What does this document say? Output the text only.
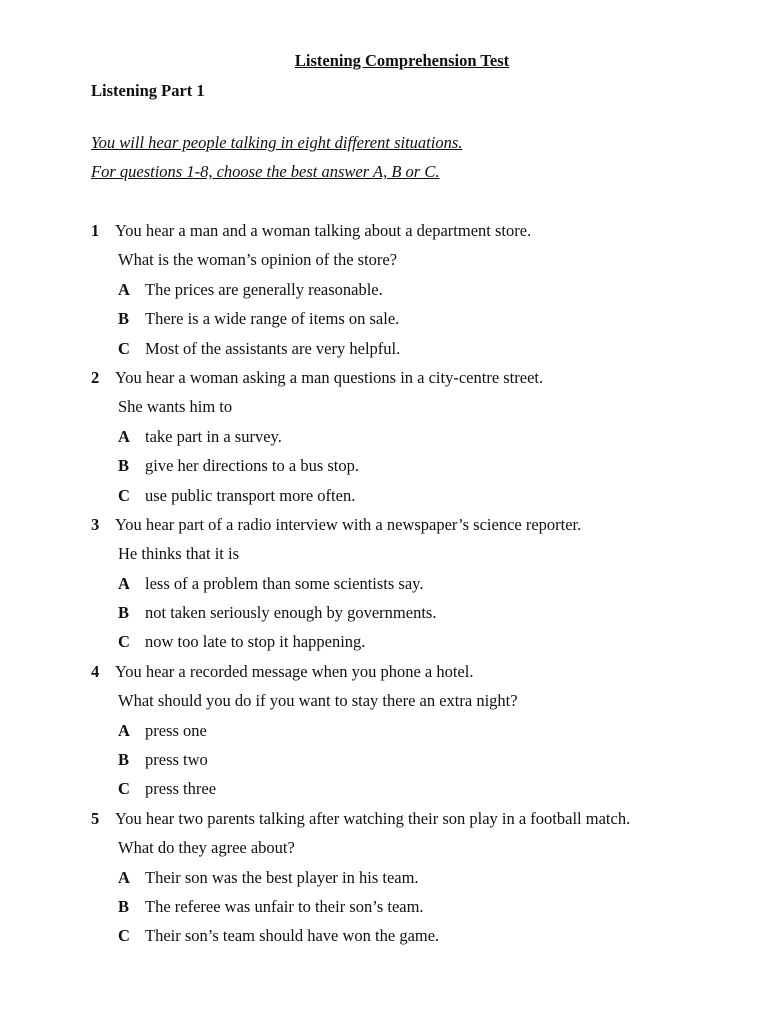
Listening Comprehension Test
Listening Part 1
You will hear people talking in eight different situations.
For questions 1-8, choose the best answer A, B or C.
1 You hear a man and a woman talking about a department store.
What is the woman’s opinion of the store?
A The prices are generally reasonable.
B There is a wide range of items on sale.
C Most of the assistants are very helpful.
2 You hear a woman asking a man questions in a city-centre street.
She wants him to
A take part in a survey.
B give her directions to a bus stop.
C use public transport more often.
3 You hear part of a radio interview with a newspaper’s science reporter.
He thinks that it is
A less of a problem than some scientists say.
B not taken seriously enough by governments.
C now too late to stop it happening.
4 You hear a recorded message when you phone a hotel.
What should you do if you want to stay there an extra night?
A press one
B press two
C press three
5 You hear two parents talking after watching their son play in a football match.
What do they agree about?
A Their son was the best player in his team.
B The referee was unfair to their son’s team.
C Their son’s team should have won the game.
